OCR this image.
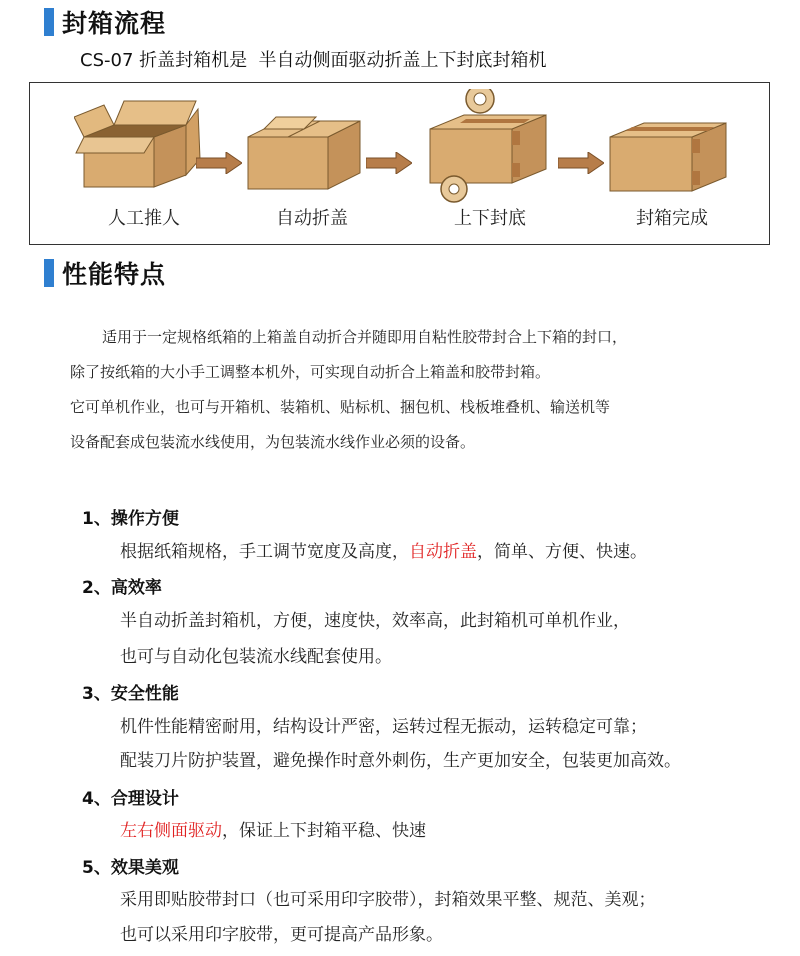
封箱流程
CS-07 折盖封箱机是  半自动侧面驱动折盖上下封底封箱机
人工推人	自动折盖	上下封底	封箱完成
性能特点

适用于一定规格纸箱的上箱盖自动折合并随即用自粘性胶带封合上下箱的封口，

除了按纸箱的大小手工调整本机外，可实现自动折合上箱盖和胶带封箱。

它可单机作业，也可与开箱机、装箱机、贴标机、捆包机、栈板堆叠机、输送机等

设备配套成包装流水线使用，为包装流水线作业必须的设备。

1、操作方便
根据纸箱规格，手工调节宽度及高度，自动折盖，简单、方便、快速。
2、高效率
半自动折盖封箱机，方便，速度快，效率高，此封箱机可单机作业，
也可与自动化包装流水线配套使用。
3、安全性能
机件性能精密耐用，结构设计严密，运转过程无振动，运转稳定可靠；
配装刀片防护装置，避免操作时意外刺伤，生产更加安全，包装更加高效。
4、合理设计
左右侧面驱动，保证上下封箱平稳、快速
5、效果美观
采用即贴胶带封口（也可采用印字胶带），封箱效果平整、规范、美观；
也可以采用印字胶带，更可提高产品形象。
